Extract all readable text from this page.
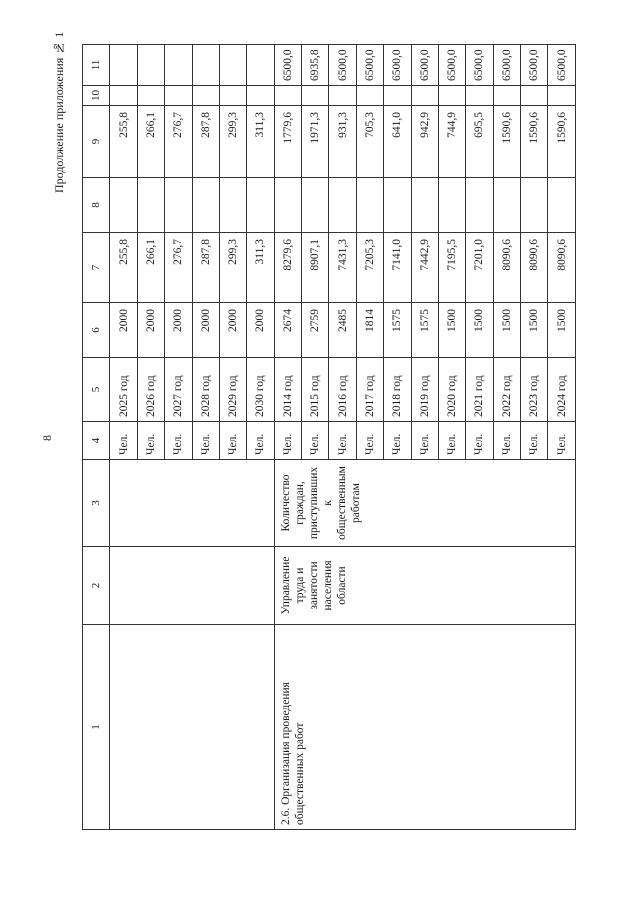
8
Продолжение приложения № 1
1	2	3	4	5	6	7	8	9	10	11
			Чел.	2025 год	2000	255,8		255,8		
			Чел.	2026 год	2000	266,1		266,1		
			Чел.	2027 год	2000	276,7		276,7		
			Чел.	2028 год	2000	287,8		287,8		
			Чел.	2029 год	2000	299,3		299,3		
			Чел.	2030 год	2000	311,3		311,3		
2.6. Организация проведения общественных работ	Управление труда и занятости населения области	Количество граждан, приступивших к общественным работам	Чел.	2014 год	2674	8279,6		1779,6		6500,0
			Чел.	2015 год	2759	8907,1		1971,3		6935,8
			Чел.	2016 год	2485	7431,3		931,3		6500,0
			Чел.	2017 год	1814	7205,3		705,3		6500,0
			Чел.	2018 год	1575	7141,0		641,0		6500,0
			Чел.	2019 год	1575	7442,9		942,9		6500,0
			Чел.	2020 год	1500	7195,5		744,9		6500,0
			Чел.	2021 год	1500	7201,0		695,5		6500,0
			Чел.	2022 год	1500	8090,6		1590,6		6500,0
			Чел.	2023 год	1500	8090,6		1590,6		6500,0
			Чел.	2024 год	1500	8090,6		1590,6		6500,0
